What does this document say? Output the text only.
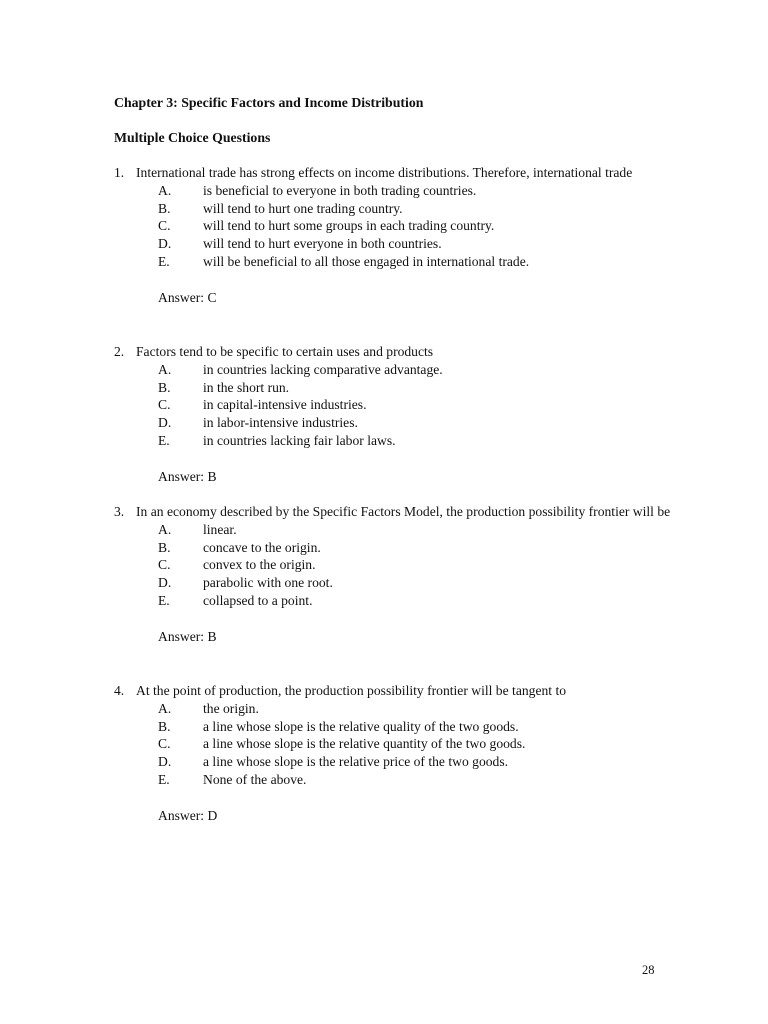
Chapter 3: Specific Factors and Income Distribution
Multiple Choice Questions
1. International trade has strong effects on income distributions. Therefore, international trade
A. is beneficial to everyone in both trading countries.
B. will tend to hurt one trading country.
C. will tend to hurt some groups in each trading country.
D. will tend to hurt everyone in both countries.
E. will be beneficial to all those engaged in international trade.
Answer: C
2. Factors tend to be specific to certain uses and products
A. in countries lacking comparative advantage.
B. in the short run.
C. in capital-intensive industries.
D. in labor-intensive industries.
E. in countries lacking fair labor laws.
Answer: B
3. In an economy described by the Specific Factors Model, the production possibility frontier will be
A. linear.
B. concave to the origin.
C. convex to the origin.
D. parabolic with one root.
E. collapsed to a point.
Answer: B
4. At the point of production, the production possibility frontier will be tangent to
A. the origin.
B. a line whose slope is the relative quality of the two goods.
C. a line whose slope is the relative quantity of the two goods.
D. a line whose slope is the relative price of the two goods.
E. None of the above.
Answer: D
28
